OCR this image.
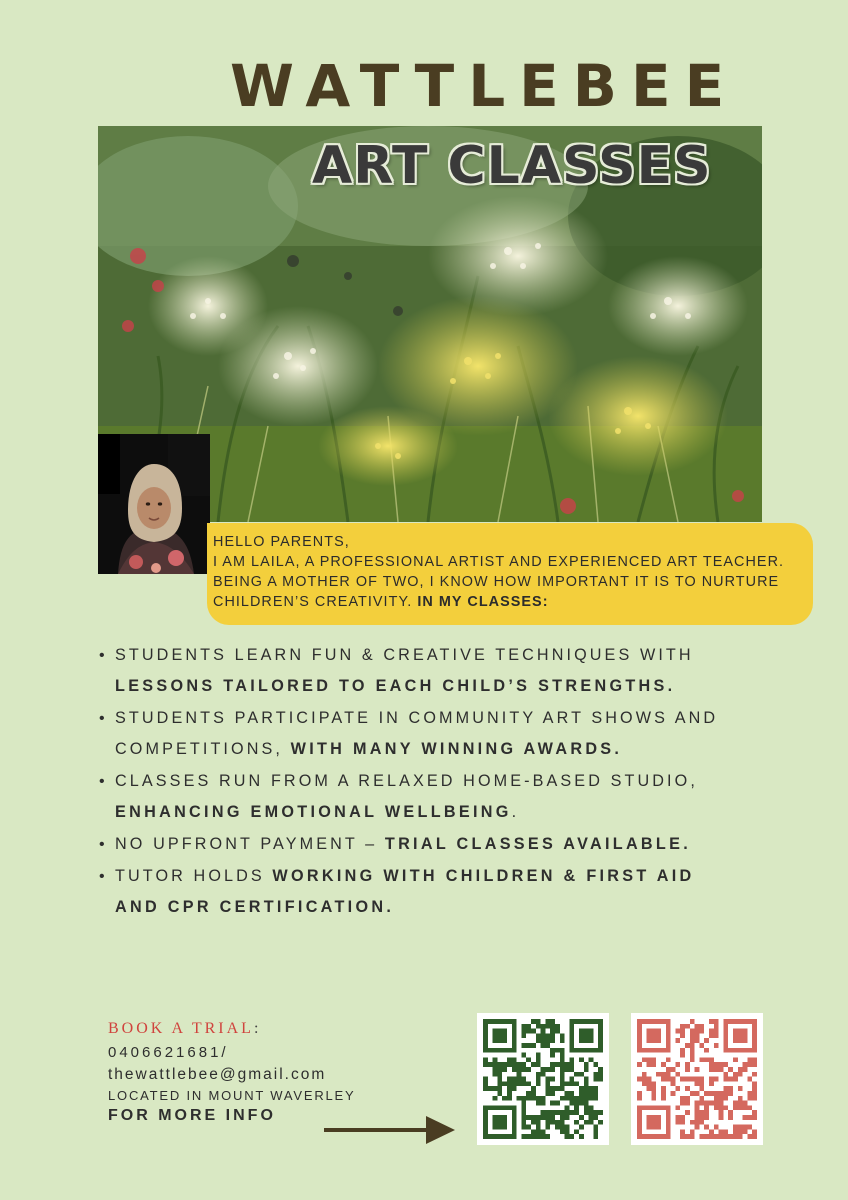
WATTLEBEE
ART CLASSES
HELLO PARENTS,
I AM LAILA, A PROFESSIONAL ARTIST AND EXPERIENCED ART TEACHER. BEING A MOTHER OF TWO, I KNOW HOW IMPORTANT IT IS TO NURTURE CHILDREN’S CREATIVITY. IN MY CLASSES:
• STUDENTS LEARN FUN & CREATIVE TECHNIQUES WITH LESSONS TAILORED TO EACH CHILD’S STRENGTHS.
• STUDENTS PARTICIPATE IN COMMUNITY ART SHOWS AND COMPETITIONS, WITH MANY WINNING AWARDS.
• CLASSES RUN FROM A RELAXED HOME-BASED STUDIO, ENHANCING EMOTIONAL WELLBEING.
• NO UPFRONT PAYMENT – TRIAL CLASSES AVAILABLE.
• TUTOR HOLDS WORKING WITH CHILDREN & FIRST AID AND CPR CERTIFICATION.
BOOK A TRIAL:
0406621681/
thewattlebee@gmail.com
LOCATED IN MOUNT WAVERLEY
FOR MORE INFO
